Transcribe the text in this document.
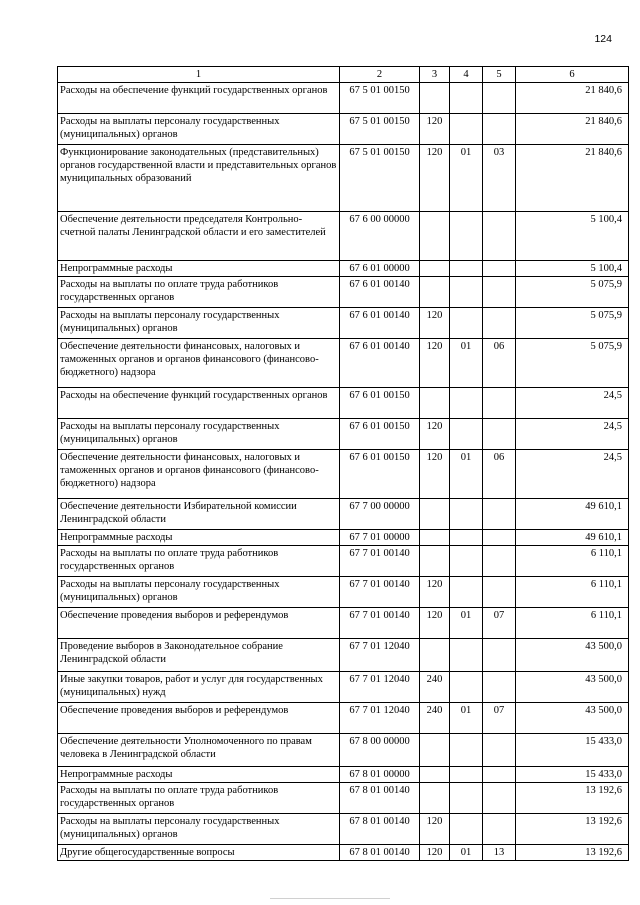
124
1	2	3	4	5	6
Расходы на обеспечение функций государственных органов	67 5 01 00150				21 840,6
Расходы на выплаты персоналу государственных (муниципальных) органов	67 5 01 00150	120			21 840,6
Функционирование законодательных (представительных) органов государственной власти и представительных органов муниципальных образований	67 5 01 00150	120	01	03	21 840,6
Обеспечение деятельности председателя Контрольно-счетной палаты Ленинградской области и его заместителей	67 6 00 00000				5 100,4
Непрограммные расходы	67 6 01 00000				5 100,4
Расходы на выплаты по оплате труда работников государственных органов	67 6 01 00140				5 075,9
Расходы на выплаты персоналу государственных (муниципальных) органов	67 6 01 00140	120			5 075,9
Обеспечение деятельности финансовых, налоговых и таможенных органов и органов финансового (финансово-бюджетного) надзора	67 6 01 00140	120	01	06	5 075,9
Расходы на обеспечение функций государственных органов	67 6 01 00150				24,5
Расходы на выплаты персоналу государственных (муниципальных) органов	67 6 01 00150	120			24,5
Обеспечение деятельности финансовых, налоговых и таможенных органов и органов финансового (финансово-бюджетного) надзора	67 6 01 00150	120	01	06	24,5
Обеспечение деятельности Избирательной комиссии Ленинградской области	67 7 00 00000				49 610,1
Непрограммные расходы	67 7 01 00000				49 610,1
Расходы на выплаты по оплате труда работников государственных органов	67 7 01 00140				6 110,1
Расходы на выплаты персоналу государственных (муниципальных) органов	67 7 01 00140	120			6 110,1
Обеспечение проведения выборов и референдумов	67 7 01 00140	120	01	07	6 110,1
Проведение выборов в Законодательное собрание Ленинградской области	67 7 01 12040				43 500,0
Иные закупки товаров, работ и услуг для государственных (муниципальных) нужд	67 7 01 12040	240			43 500,0
Обеспечение проведения выборов и референдумов	67 7 01 12040	240	01	07	43 500,0
Обеспечение деятельности Уполномоченного по правам человека в Ленинградской области	67 8 00 00000				15 433,0
Непрограммные расходы	67 8 01 00000				15 433,0
Расходы на выплаты по оплате труда работников государственных органов	67 8 01 00140				13 192,6
Расходы на выплаты персоналу государственных (муниципальных) органов	67 8 01 00140	120			13 192,6
Другие общегосударственные вопросы	67 8 01 00140	120	01	13	13 192,6
